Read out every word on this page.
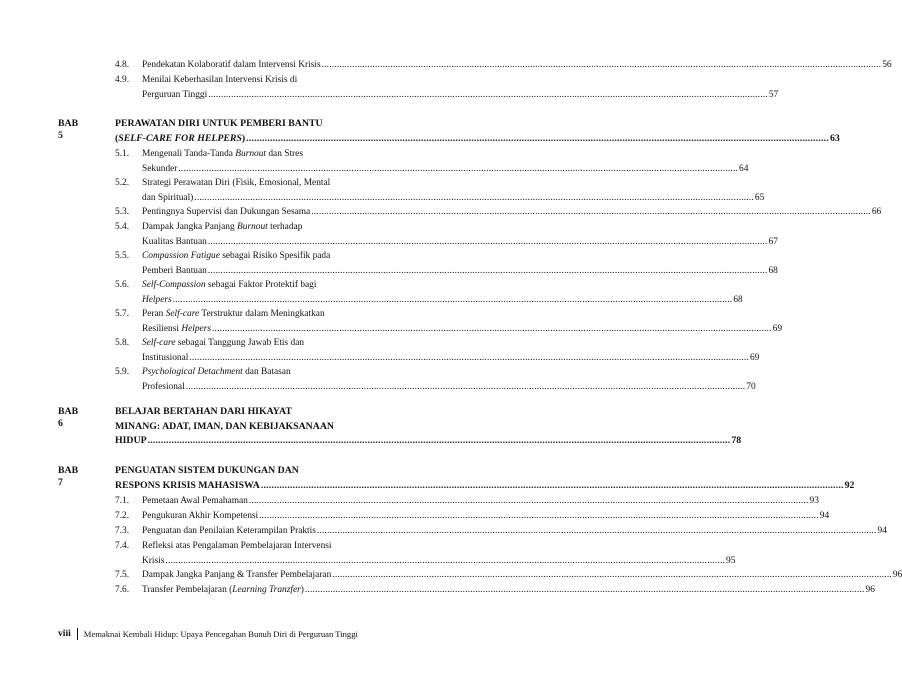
4.8. Pendekatan Kolaboratif dalam Intervensi Krisis ............................................................................................................................................................................................................................ 56
4.9. Menilai Keberhasilan Intervensi Krisis di
Perguruan Tinggi ............................................................................................................................................................................................................................ 57
BAB 5
PERAWATAN DIRI UNTUK PEMBERI BANTU
(SELF-CARE FOR HELPERS) ............................................................................................................................................................................................................................ 63
5.1. Mengenali Tanda-Tanda Burnout dan Stres
Sekunder ............................................................................................................................................................................................................................ 64
5.2. Strategi Perawatan Diri (Fisik, Emosional, Mental
dan Spiritual) ............................................................................................................................................................................................................................ 65
5.3. Pentingnya Supervisi dan Dukungan Sesama ............................................................................................................................................................................................................................ 66
5.4. Dampak Jangka Panjang Burnout terhadap
Kualitas Bantuan ............................................................................................................................................................................................................................ 67
5.5. Compassion Fatigue sebagai Risiko Spesifik pada
Pemberi Bantuan ............................................................................................................................................................................................................................ 68
5.6. Self-Compassion sebagai Faktor Protektif bagi
Helpers ............................................................................................................................................................................................................................ 68
5.7. Peran Self-care Terstruktur dalam Meningkatkan
Resiliensi Helpers ............................................................................................................................................................................................................................ 69
5.8. Self-care sebagai Tanggung Jawab Etis dan
Institusional ............................................................................................................................................................................................................................ 69
5.9. Psychological Detachment dan Batasan
Profesional ............................................................................................................................................................................................................................ 70
BAB 6
BELAJAR BERTAHAN DARI HIKAYAT
MINANG: ADAT, IMAN, DAN KEBIJAKSANAAN
HIDUP ............................................................................................................................................................................................................................ 78
BAB 7
PENGUATAN SISTEM DUKUNGAN DAN
RESPONS KRISIS MAHASISWA ............................................................................................................................................................................................................................ 92
7.1. Pemetaan Awal Pemahaman ............................................................................................................................................................................................................................ 93
7.2. Pengukuran Akhir Kompetensi ............................................................................................................................................................................................................................ 94
7.3. Penguatan dan Penilaian Keterampilan Praktis ............................................................................................................................................................................................................................ 94
7.4. Refleksi atas Pengalaman Pembelajaran Intervensi
Krisis ............................................................................................................................................................................................................................ 95
7.5. Dampak Jangka Panjang & Transfer Pembelajaran ............................................................................................................................................................................................................................ 96
7.6. Transfer Pembelajaran (Learning Tranzfer) ............................................................................................................................................................................................................................ 96
viii Memaknai Kembali Hidup: Upaya Pencegahan Bunuh Diri di Perguruan Tinggi
